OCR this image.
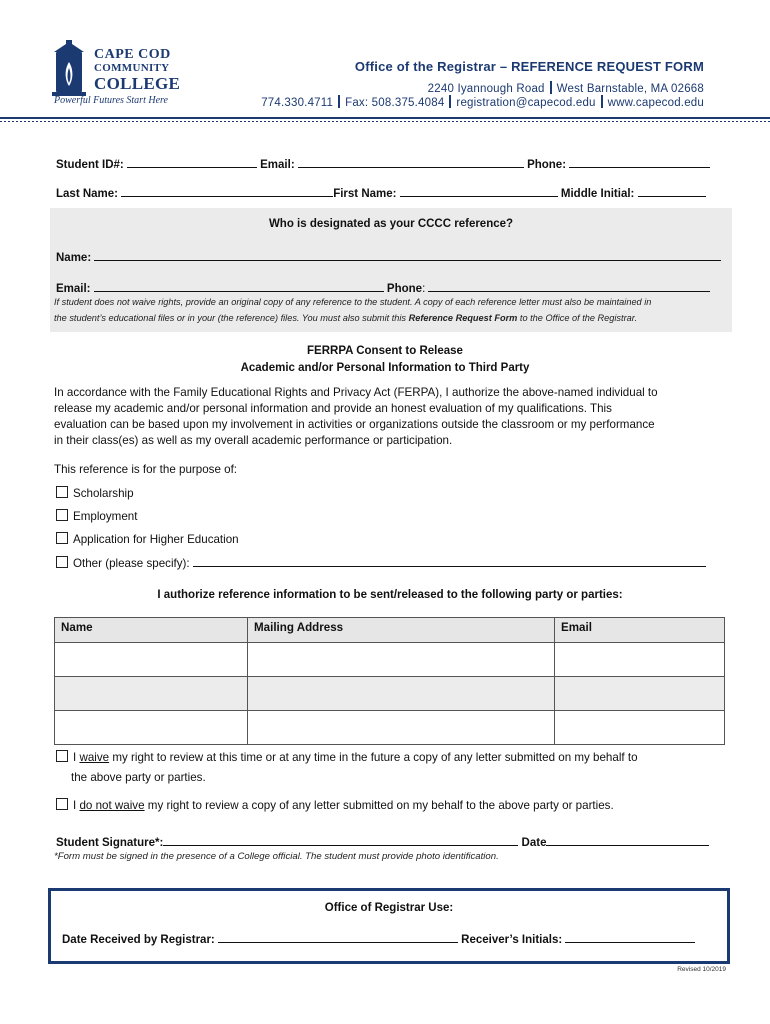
CAPE COD
COMMUNITY
COLLEGE
Powerful Futures Start Here
Office of the Registrar – REFERENCE REQUEST FORM
2240 Iyannough Road West Barnstable, MA 02668
774.330.4711 Fax: 508.375.4084 registration@capecod.edu www.capecod.edu
Student ID#:	Email:	Phone:
Last Name:	First Name:	Middle Initial:
Who is designated as your CCCC reference?
Name:
Email:	Phone:
If student does not waive rights, provide an original copy of any reference to the student. A copy of each reference letter must also be maintained in
the student’s educational files or in your (the reference) files. You must also submit this Reference Request Form to the Office of the Registrar.
FERRPA Consent to Release
Academic and/or Personal Information to Third Party
In accordance with the Family Educational Rights and Privacy Act (FERPA), I authorize the above-named individual to
release my academic and/or personal information and provide an honest evaluation of my qualifications. This
evaluation can be based upon my involvement in activities or organizations outside the classroom or my performance
in their class(es) as well as my overall academic performance or participation.
This reference is for the purpose of:
Scholarship
Employment
Application for Higher Education
Other (please specify):
I authorize reference information to be sent/released to the following party or parties:
Name	Mailing Address	Email

I waive my right to review at this time or at any time in the future a copy of any letter submitted on my behalf to
the above party or parties.
I do not waive my right to review a copy of any letter submitted on my behalf to the above party or parties.
Student Signature*:	Date
*Form must be signed in the presence of a College official. The student must provide photo identification.
Office of Registrar Use:
Date Received by Registrar:	Receiver’s Initials:
Revised 10/2019
